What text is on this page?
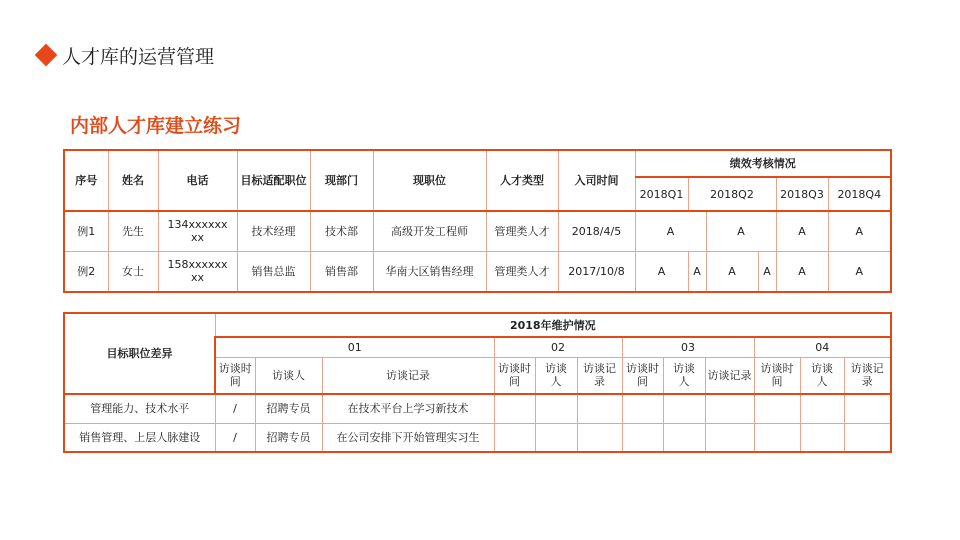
人才库的运营管理
内部人才库建立练习
序号	姓名	电话	目标适配职位	现部门	现职位	人才类型	入司时间	绩效考核情况					
								2018Q1	2018Q2			2018Q3	2018Q4
例1	先生	134xxxxxxxx	技术经理	技术部	高级开发工程师	管理类人才	2018/4/5	A		A		A	A
例2	女士	158xxxxxxxx	销售总监	销售部	华南大区销售经理	管理类人才	2017/10/8	A	A	A	A	A	A
目标职位差异	2018年维护情况											
	01			02			03			04		
	访谈时间	访谈人	访谈记录	访谈时间	访谈人	访谈记录	访谈时间	访谈人	访谈记录	访谈时间	访谈人	访谈记录
管理能力、技术水平	/	招聘专员	在技术平台上学习新技术									
销售管理、上层人脉建设	/	招聘专员	在公司安排下开始管理实习生									
